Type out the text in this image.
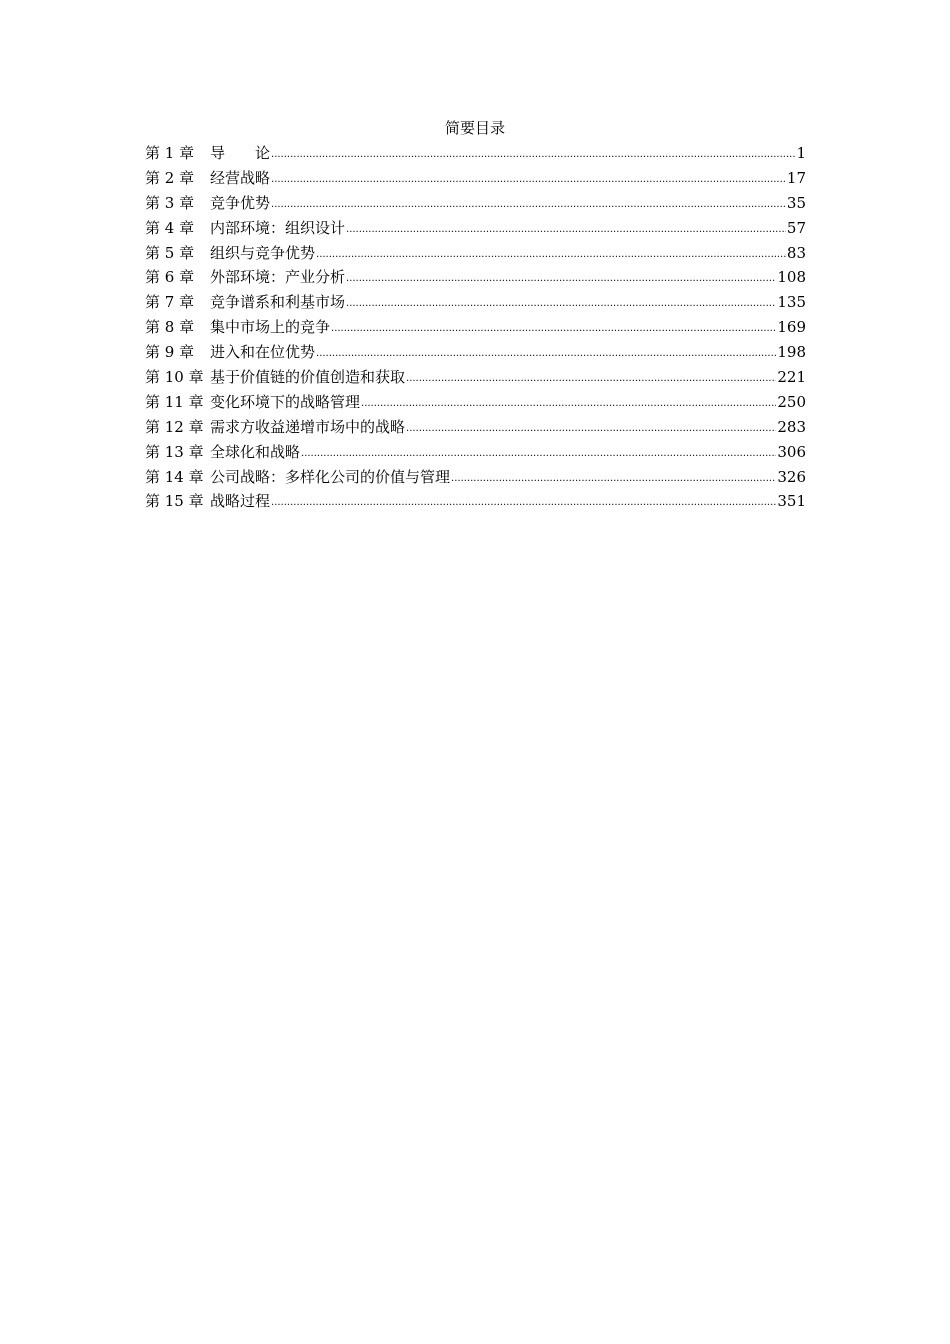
简要目录
第 1 章	导　　论 .....	1
第 2 章	经营战略 .....	17
第 3 章	竞争优势 .....	35
第 4 章	内部环境：组织设计 .....	57
第 5 章	组织与竞争优势 .....	83
第 6 章	外部环境：产业分析 .....	108
第 7 章	竞争谱系和利基市场 .....	135
第 8 章	集中市场上的竞争 .....	169
第 9 章	进入和在位优势 .....	198
第 10 章 基于价值链的价值创造和获取 .....	221
第 11 章 变化环境下的战略管理 .....	250
第 12 章 需求方收益递增市场中的战略 .....	283
第 13 章 全球化和战略 .....	306
第 14 章 公司战略：多样化公司的价值与管理 .....	326
第 15 章 战略过程 .....	351
